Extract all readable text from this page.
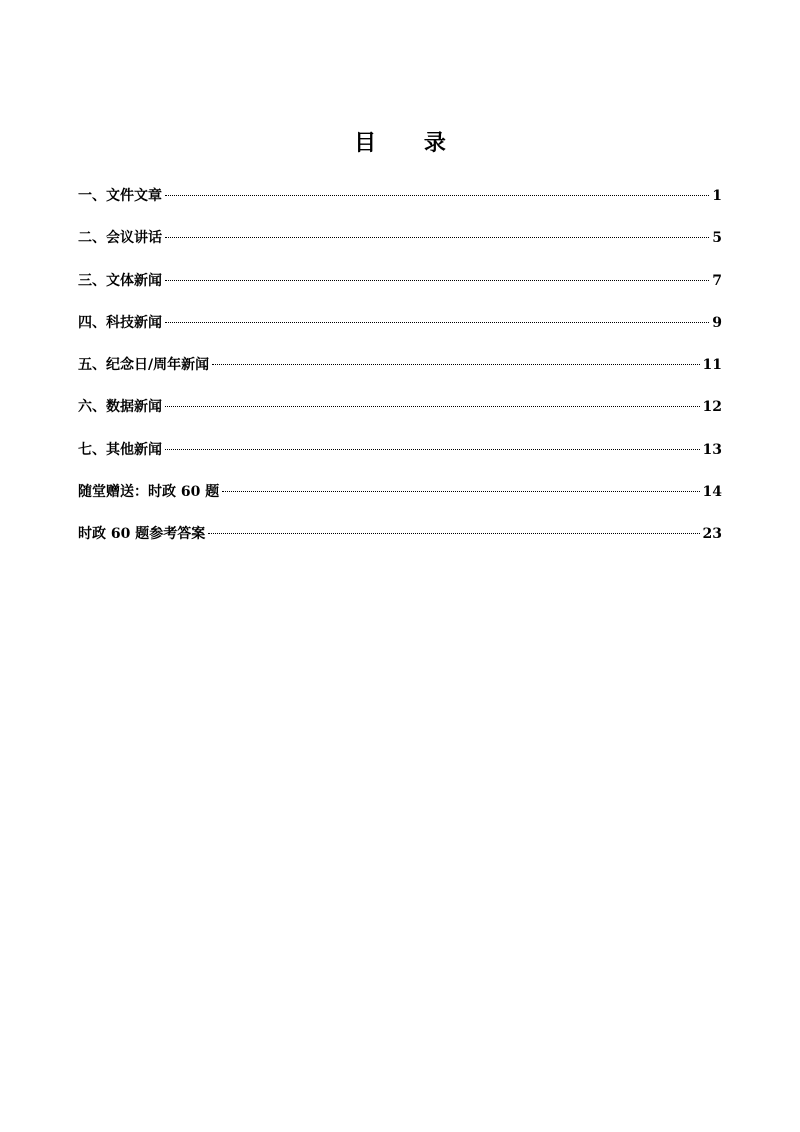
目 录
一、文件文章	1
二、会议讲话	5
三、文体新闻	7
四、科技新闻	9
五、纪念日/周年新闻	11
六、数据新闻	12
七、其他新闻	13
随堂赠送：时政 60 题	14
时政 60 题参考答案	23
